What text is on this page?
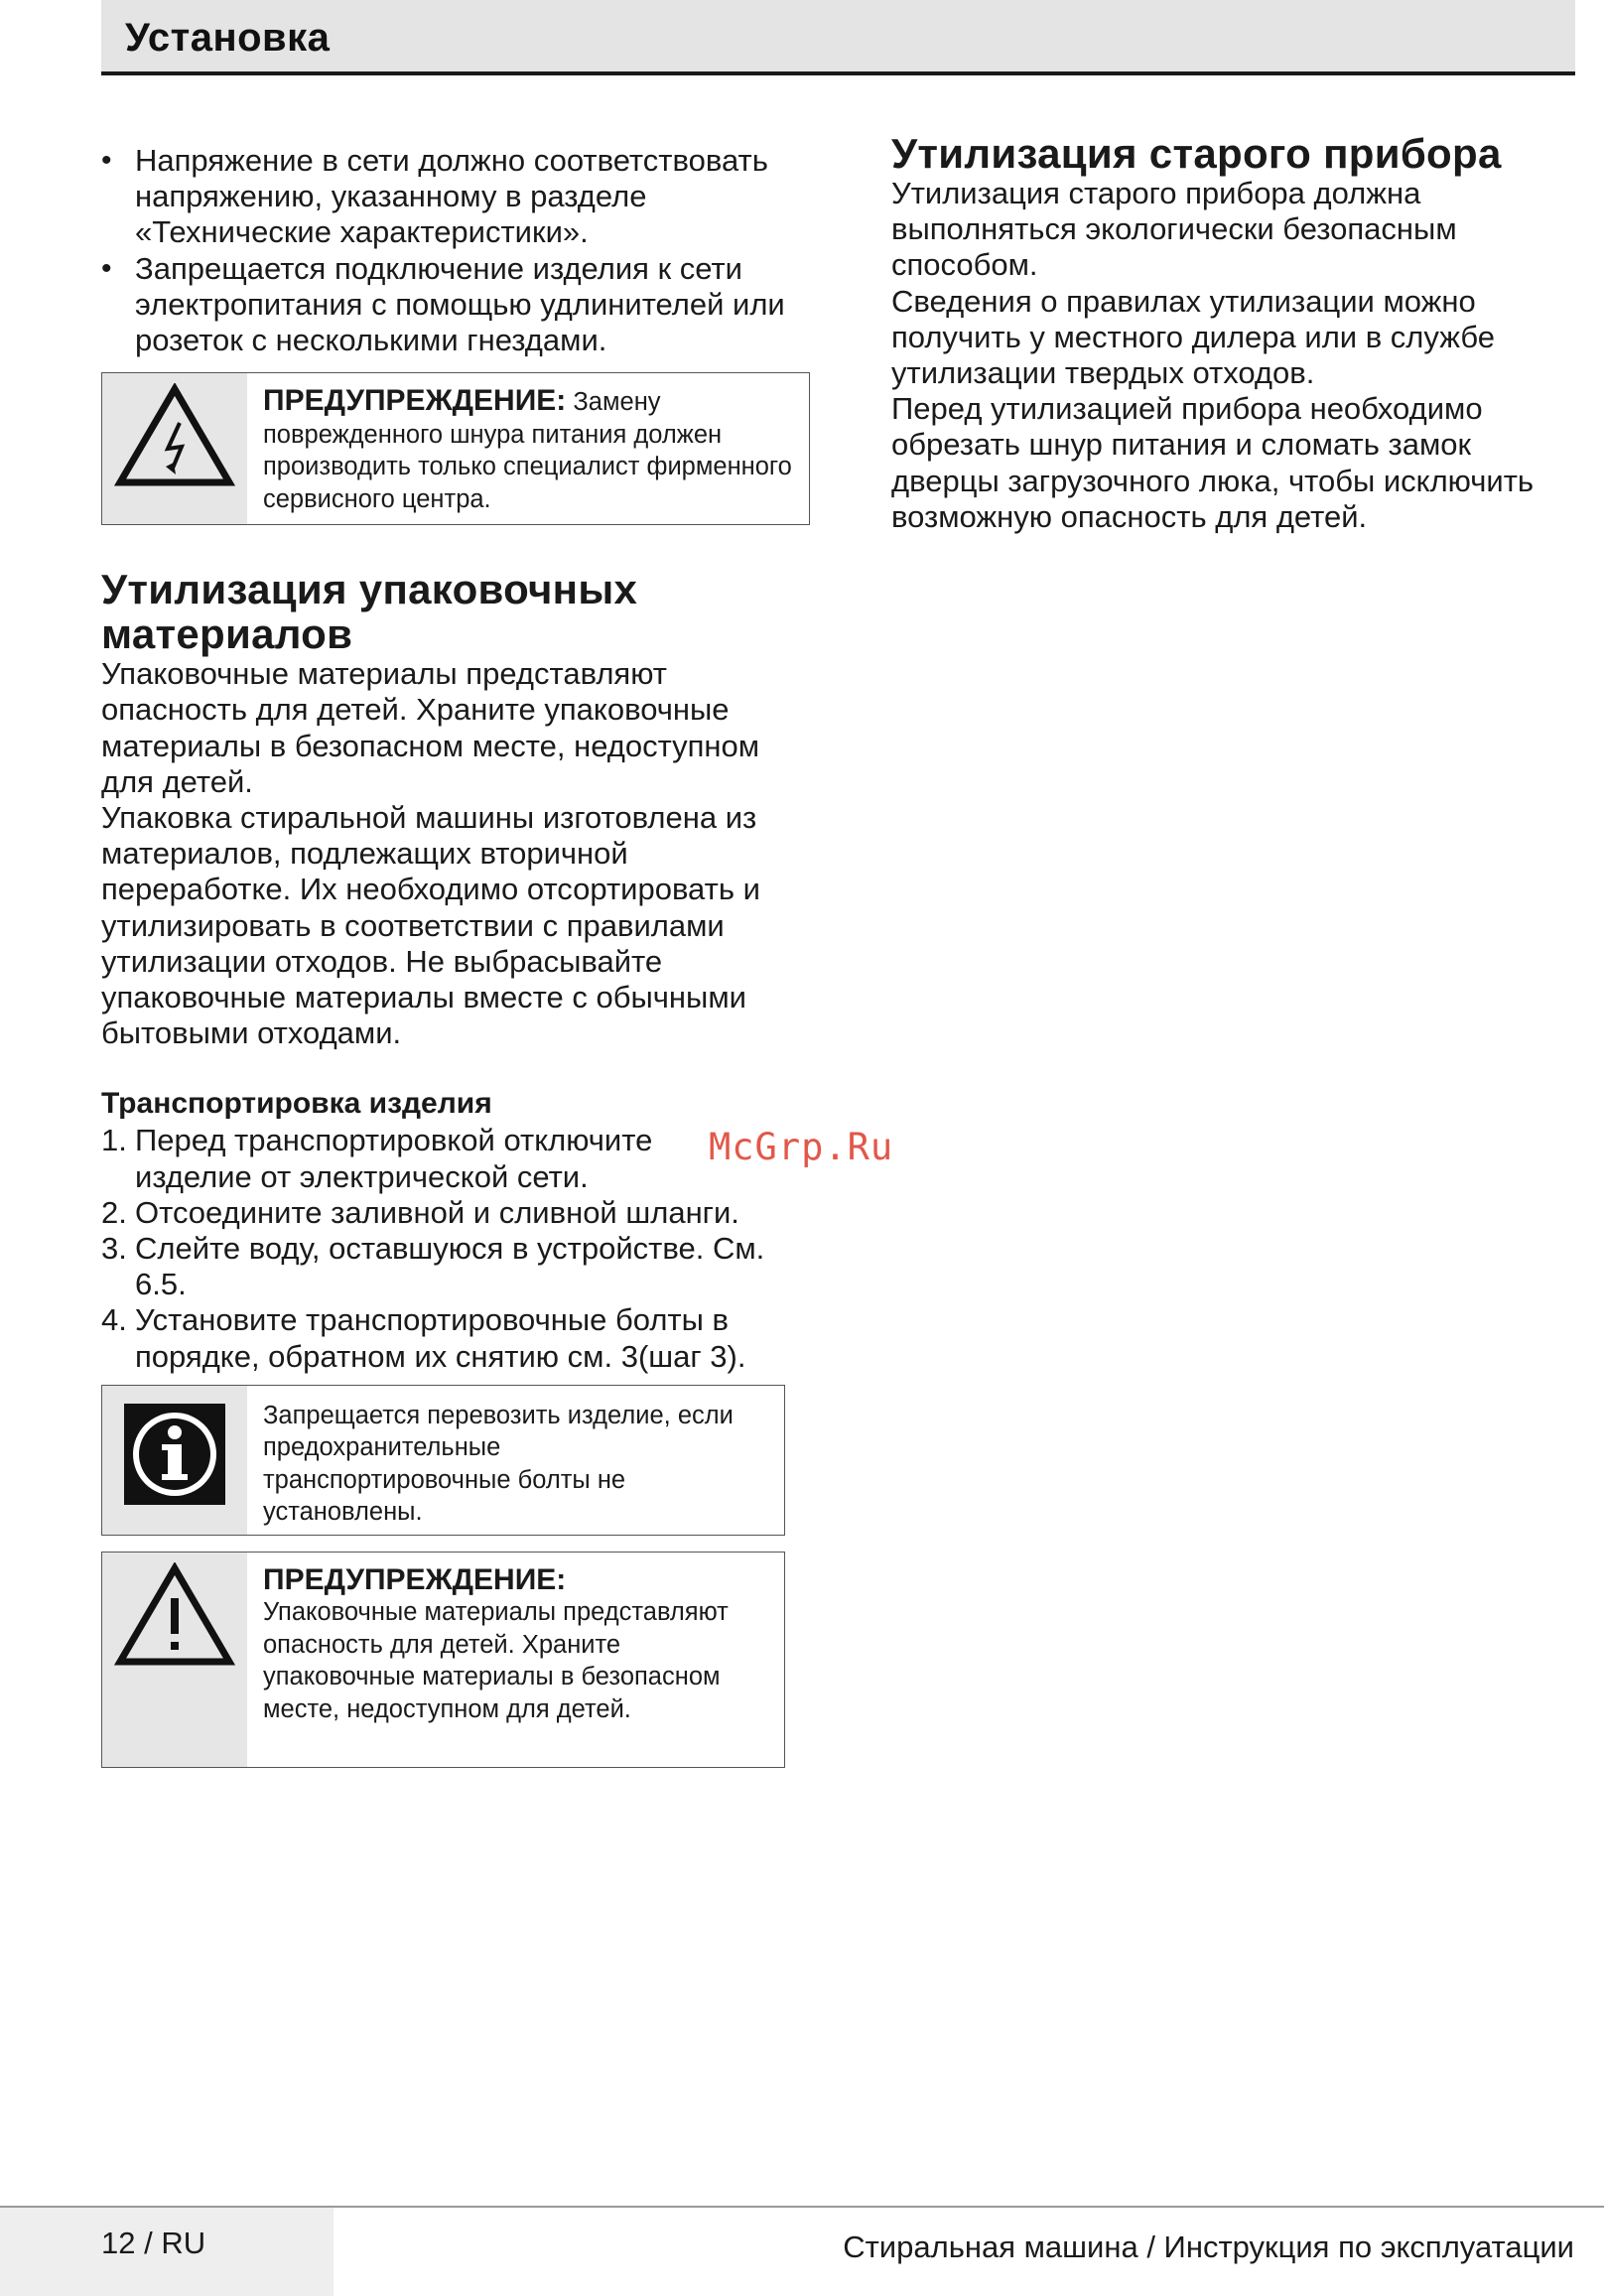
Установка
• Напряжение в сети должно соответствовать напряжению, указанному в разделе «Технические характеристики».
• Запрещается подключение изделия к сети электропитания с помощью удлинителей или розеток с несколькими гнездами.
ПРЕДУПРЕЖДЕНИЕ: Замену поврежденного шнура питания должен производить только специалист фирменного сервисного центра.
Утилизация упаковочных материалов

Упаковочные материалы представляют опасность для детей. Храните упаковочные материалы в безопасном месте, недоступном для детей.

Упаковка стиральной машины изготовлена из материалов, подлежащих вторичной переработке. Их необходимо отсортировать и утилизировать в соответствии с правилами утилизации отходов. Не выбрасывайте упаковочные материалы вместе с обычными бытовыми отходами.

Транспортировка изделия
1. Перед транспортировкой отключите изделие от электрической сети.
2. Отсоедините заливной и сливной шланги.
3. Слейте воду, оставшуюся в устройстве. См. 6.5.
4. Установите транспортировочные болты в порядке, обратном их снятию см. 3(шаг 3).
Запрещается перевозить изделие, если предохранительные транспортировочные болты не установлены.
ПРЕДУПРЕЖДЕНИЕ:
Упаковочные материалы представляют опасность для детей. Храните упаковочные материалы в безопасном месте, недоступном для детей.
Утилизация старого прибора

Утилизация старого прибора должна выполняться экологически безопасным способом.

Сведения о правилах утилизации можно получить у местного дилера или в службе утилизации твердых отходов.

Перед утилизацией прибора необходимо обрезать шнур питания и сломать замок дверцы загрузочного люка, чтобы исключить возможную опасность для детей.

McGrp.Ru
12 / RU	Стиральная машина / Инструкция по эксплуатации
